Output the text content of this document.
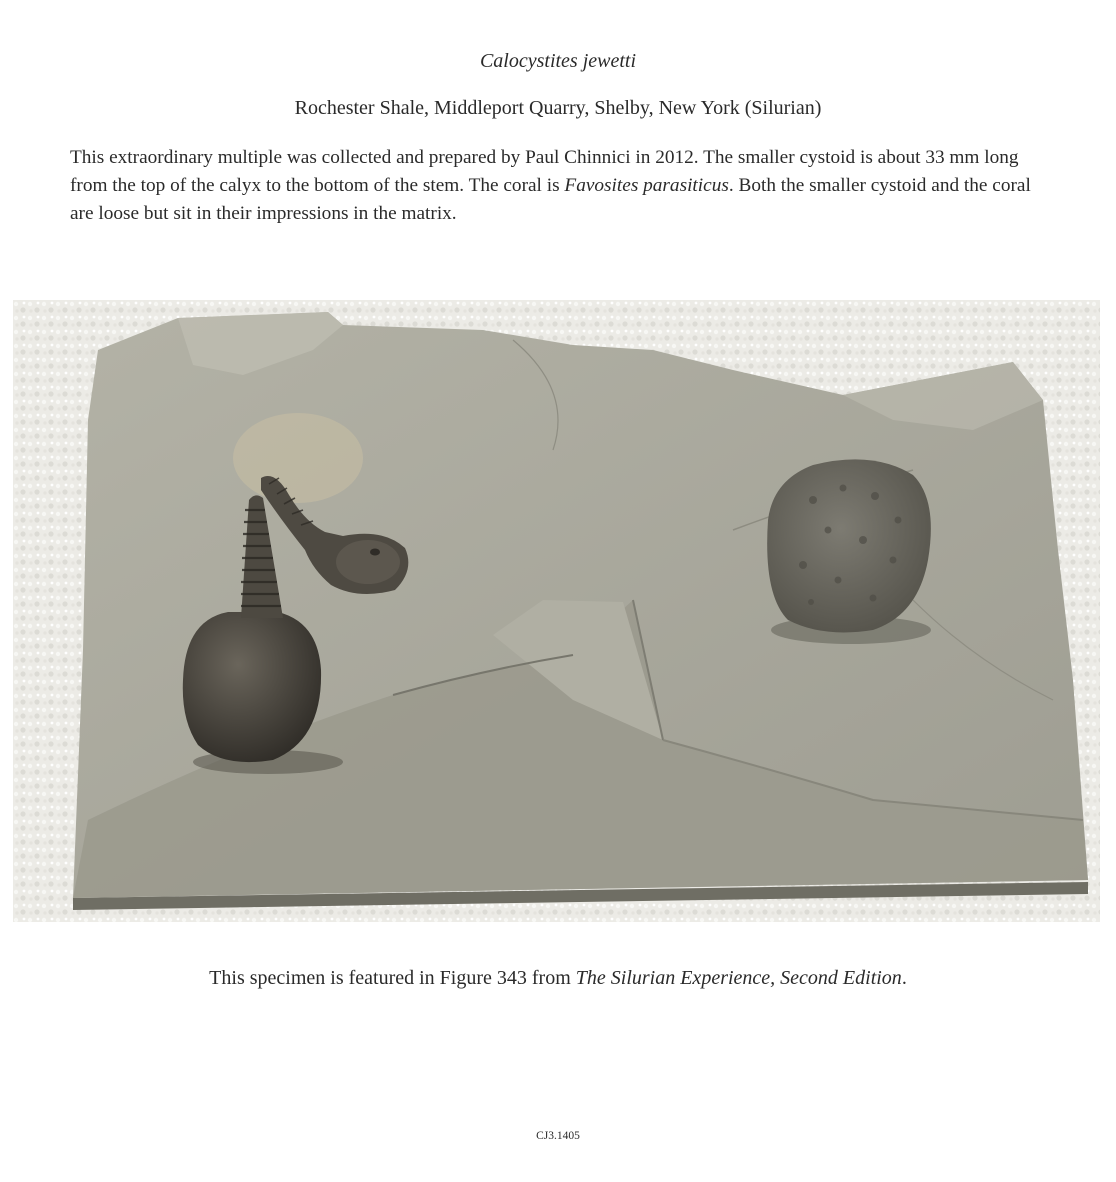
Calocystites jewetti
Rochester Shale, Middleport Quarry, Shelby, New York (Silurian)
This extraordinary multiple was collected and prepared by Paul Chinnici in 2012. The smaller cystoid is about 33 mm long from the top of the calyx to the bottom of the stem. The coral is Favosites parasiticus. Both the smaller cystoid and the coral are loose but sit in their impressions in the matrix.
This specimen is featured in Figure 343 from The Silurian Experience, Second Edition.
CJ3.1405
